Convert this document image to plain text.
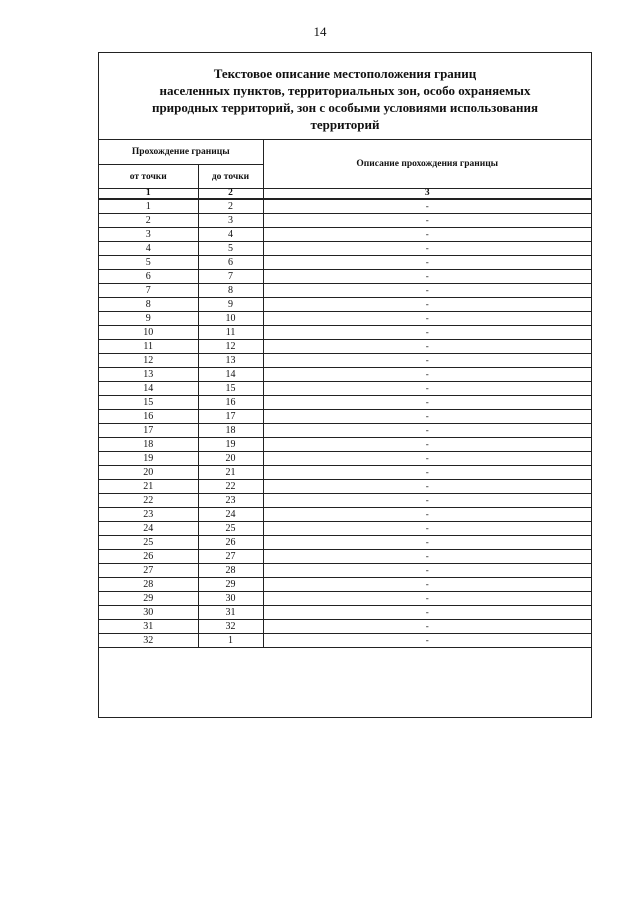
14
Текстовое описание местоположения границ
населенных пунктов, территориальных зон, особо охраняемых
природных территорий, зон с особыми условиями использования
территорий
Прохождение границы		Описание прохождения границы
от точки	до точки	
1	2	3
1	2	-
2	3	-
3	4	-
4	5	-
5	6	-
6	7	-
7	8	-
8	9	-
9	10	-
10	11	-
11	12	-
12	13	-
13	14	-
14	15	-
15	16	-
16	17	-
17	18	-
18	19	-
19	20	-
20	21	-
21	22	-
22	23	-
23	24	-
24	25	-
25	26	-
26	27	-
27	28	-
28	29	-
29	30	-
30	31	-
31	32	-
32	1	-
